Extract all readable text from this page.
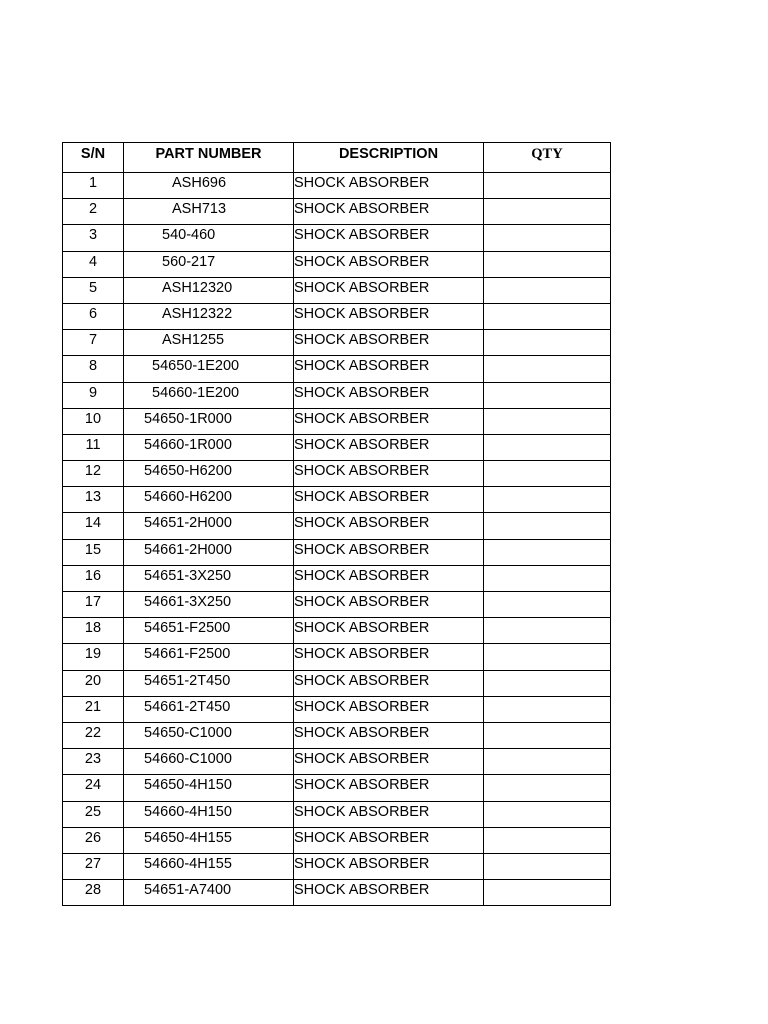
S/N	PART NUMBER	DESCRIPTION	QTY
1	ASH696	SHOCK ABSORBER	
2	ASH713	SHOCK ABSORBER	
3	540-460	SHOCK ABSORBER	
4	560-217	SHOCK ABSORBER	
5	ASH12320	SHOCK ABSORBER	
6	ASH12322	SHOCK ABSORBER	
7	ASH1255	SHOCK ABSORBER	
8	54650-1E200	SHOCK ABSORBER	
9	54660-1E200	SHOCK ABSORBER	
10	54650-1R000	SHOCK ABSORBER	
11	54660-1R000	SHOCK ABSORBER	
12	54650-H6200	SHOCK ABSORBER	
13	54660-H6200	SHOCK ABSORBER	
14	54651-2H000	SHOCK ABSORBER	
15	54661-2H000	SHOCK ABSORBER	
16	54651-3X250	SHOCK ABSORBER	
17	54661-3X250	SHOCK ABSORBER	
18	54651-F2500	SHOCK ABSORBER	
19	54661-F2500	SHOCK ABSORBER	
20	54651-2T450	SHOCK ABSORBER	
21	54661-2T450	SHOCK ABSORBER	
22	54650-C1000	SHOCK ABSORBER	
23	54660-C1000	SHOCK ABSORBER	
24	54650-4H150	SHOCK ABSORBER	
25	54660-4H150	SHOCK ABSORBER	
26	54650-4H155	SHOCK ABSORBER	
27	54660-4H155	SHOCK ABSORBER	
28	54651-A7400	SHOCK ABSORBER	
